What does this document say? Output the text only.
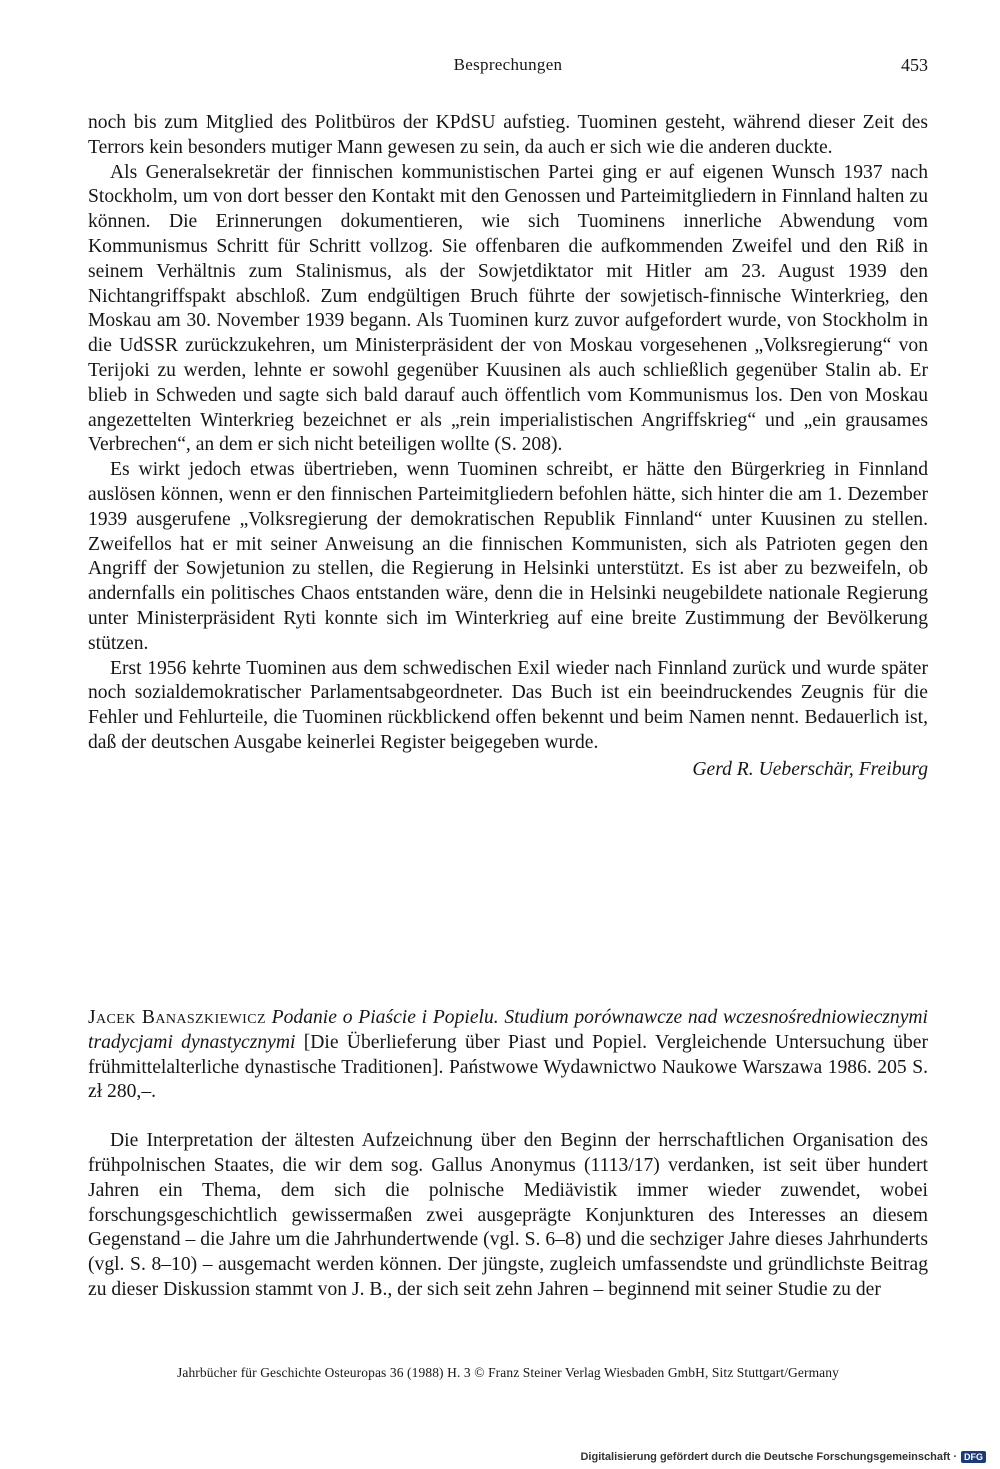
Besprechungen	453

noch bis zum Mitglied des Politbüros der KPdSU aufstieg. Tuominen gesteht, während dieser Zeit des Terrors kein besonders mutiger Mann gewesen zu sein, da auch er sich wie die anderen duckte.

Als Generalsekretär der finnischen kommunistischen Partei ging er auf eigenen Wunsch 1937 nach Stockholm, um von dort besser den Kontakt mit den Genossen und Parteimitgliedern in Finnland halten zu können. Die Erinnerungen dokumentieren, wie sich Tuominens innerliche Abwendung vom Kommunismus Schritt für Schritt vollzog. Sie offenbaren die aufkommenden Zweifel und den Riß in seinem Verhältnis zum Stalinismus, als der Sowjetdiktator mit Hitler am 23. August 1939 den Nichtangriffspakt abschloß. Zum endgültigen Bruch führte der sowjetisch-finnische Winterkrieg, den Moskau am 30. November 1939 begann. Als Tuominen kurz zuvor aufgefordert wurde, von Stockholm in die UdSSR zurückzukehren, um Ministerpräsident der von Moskau vorgesehenen „Volksregierung“ von Terijoki zu werden, lehnte er sowohl gegenüber Kuusinen als auch schließlich gegenüber Stalin ab. Er blieb in Schweden und sagte sich bald darauf auch öffentlich vom Kommunismus los. Den von Moskau angezettelten Winterkrieg bezeichnet er als „rein imperialistischen Angriffskrieg“ und „ein grausames Verbrechen“, an dem er sich nicht beteiligen wollte (S. 208).

Es wirkt jedoch etwas übertrieben, wenn Tuominen schreibt, er hätte den Bürgerkrieg in Finnland auslösen können, wenn er den finnischen Parteimitgliedern befohlen hätte, sich hinter die am 1. Dezember 1939 ausgerufene „Volksregierung der demokratischen Republik Finnland“ unter Kuusinen zu stellen. Zweifellos hat er mit seiner Anweisung an die finnischen Kommunisten, sich als Patrioten gegen den Angriff der Sowjetunion zu stellen, die Regierung in Helsinki unterstützt. Es ist aber zu bezweifeln, ob andernfalls ein politisches Chaos entstanden wäre, denn die in Helsinki neugebildete nationale Regierung unter Ministerpräsident Ryti konnte sich im Winterkrieg auf eine breite Zustimmung der Bevölkerung stützen.

Erst 1956 kehrte Tuominen aus dem schwedischen Exil wieder nach Finnland zurück und wurde später noch sozialdemokratischer Parlamentsabgeordneter. Das Buch ist ein beeindruckendes Zeugnis für die Fehler und Fehlurteile, die Tuominen rückblickend offen bekennt und beim Namen nennt. Bedauerlich ist, daß der deutschen Ausgabe keinerlei Register beigegeben wurde.

Gerd R. Ueberschär, Freiburg

Jacek Banaszkiewicz Podanie o Piaście i Popielu. Studium porównawcze nad wczesnośredniowiecznymi tradycjami dynastycznymi [Die Überlieferung über Piast und Popiel. Vergleichende Untersuchung über frühmittelalterliche dynastische Traditionen]. Państwowe Wydawnictwo Naukowe Warszawa 1986. 205 S. zł 280,–.

Die Interpretation der ältesten Aufzeichnung über den Beginn der herrschaftlichen Organisation des frühpolnischen Staates, die wir dem sog. Gallus Anonymus (1113/17) verdanken, ist seit über hundert Jahren ein Thema, dem sich die polnische Mediävistik immer wieder zuwendet, wobei forschungsgeschichtlich gewissermaßen zwei ausgeprägte Konjunkturen des Interesses an diesem Gegenstand – die Jahre um die Jahrhundertwende (vgl. S. 6–8) und die sechziger Jahre dieses Jahrhunderts (vgl. S. 8–10) – ausgemacht werden können. Der jüngste, zugleich umfassendste und gründlichste Beitrag zu dieser Diskussion stammt von J. B., der sich seit zehn Jahren – beginnend mit seiner Studie zu der

Jahrbücher für Geschichte Osteuropas 36 (1988) H. 3 © Franz Steiner Verlag Wiesbaden GmbH, Sitz Stuttgart/Germany
Digitalisierung gefördert durch die Deutsche Forschungsgemeinschaft · DFG
